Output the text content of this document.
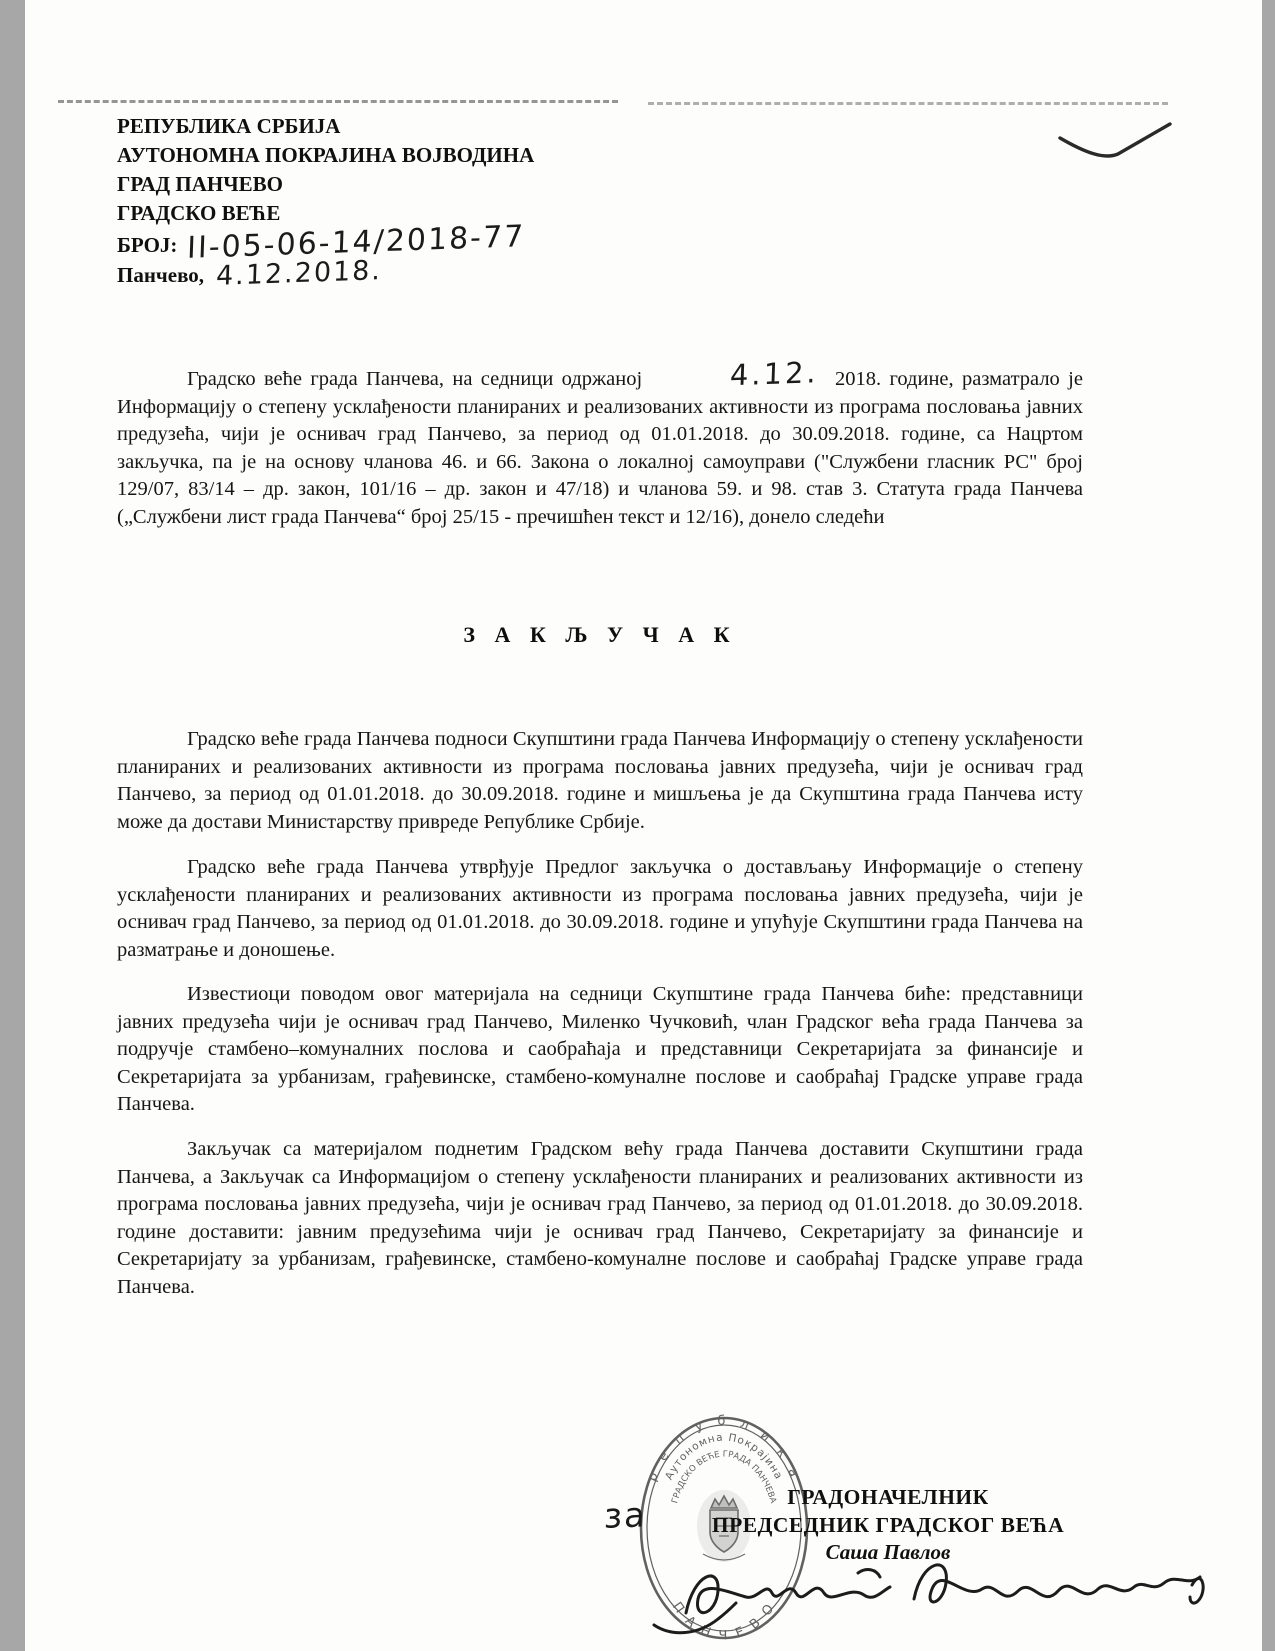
РЕПУБЛИКА СРБИЈА
АУТОНОМНА ПОКРАЈИНА ВОЈВОДИНА
ГРАД ПАНЧЕВО
ГРАДСКО ВЕЋЕ
БРОЈ: II-05-06-14/2018-77
Панчево, 4.12.2018.
Градско веће града Панчева, на седници одржаној	4.12. 2018. године, разматрало је Информацију о степену усклађености планираних и реализованих активности из програма пословања јавних предузећа, чији је оснивач град Панчево, за период од 01.01.2018. до 30.09.2018. године, са Нацртом закључка, па је на основу чланова 46. и 66. Закона о локалној самоуправи ("Службени гласник РС" број 129/07, 83/14 – др. закон, 101/16 – др. закон и 47/18) и чланова 59. и 98. став 3. Статута града Панчева („Службени лист града Панчева“ број 25/15 - пречишћен текст и 12/16), донело следећи
З А К Љ У Ч А К
Градско веће града Панчева подноси Скупштини града Панчева Информацију о степену усклађености планираних и реализованих активности из програма пословања јавних предузећа, чији је оснивач град Панчево, за период од 01.01.2018. до 30.09.2018. године и мишљења је да Скупштина града Панчева исту може да достави Министарству привреде Републике Србије.
Градско веће града Панчева утврђује Предлог закључка о достављању Информације о степену усклађености планираних и реализованих активности из програма пословања јавних предузећа, чији је оснивач град Панчево, за период од 01.01.2018. до 30.09.2018. године и упућује Скупштини града Панчева на разматрање и доношење.
Известиоци поводом овог материјала на седници Скупштине града Панчева биће: представници јавних предузећа чији је оснивач град Панчево, Миленко Чучковић, члан Градског већа града Панчева за подручје стамбено–комуналних послова и саобраћаја и представници Секретаријата за финансије и Секретаријата за урбанизам, грађевинске, стамбено-комуналне послове и саобраћај Градске управе града Панчева.
Закључак са материјалом поднетим Градском већу града Панчева доставити Скупштини града Панчева, а Закључак са Информацијом о степену усклађености планираних и реализованих активности из програма пословања јавних предузећа, чији је оснивач град Панчево, за период од 01.01.2018. до 30.09.2018. године доставити: јавним предузећима чији је оснивач град Панчево, Секретаријату за финансије и Секретаријату за урбанизам, грађевинске, стамбено-комуналне послове и саобраћај Градске управе града Панчева.
р е п у б л и к а
Аутономна Покрајина
ГРАДСКО ВЕЋЕ ГРАДА ПАНЧЕВА
П А Н Ч Е В О
за	ГРАДОНАЧЕЛНИК
ПРЕДСЕДНИК ГРАДСКОГ ВЕЋА
Саша Павлов
